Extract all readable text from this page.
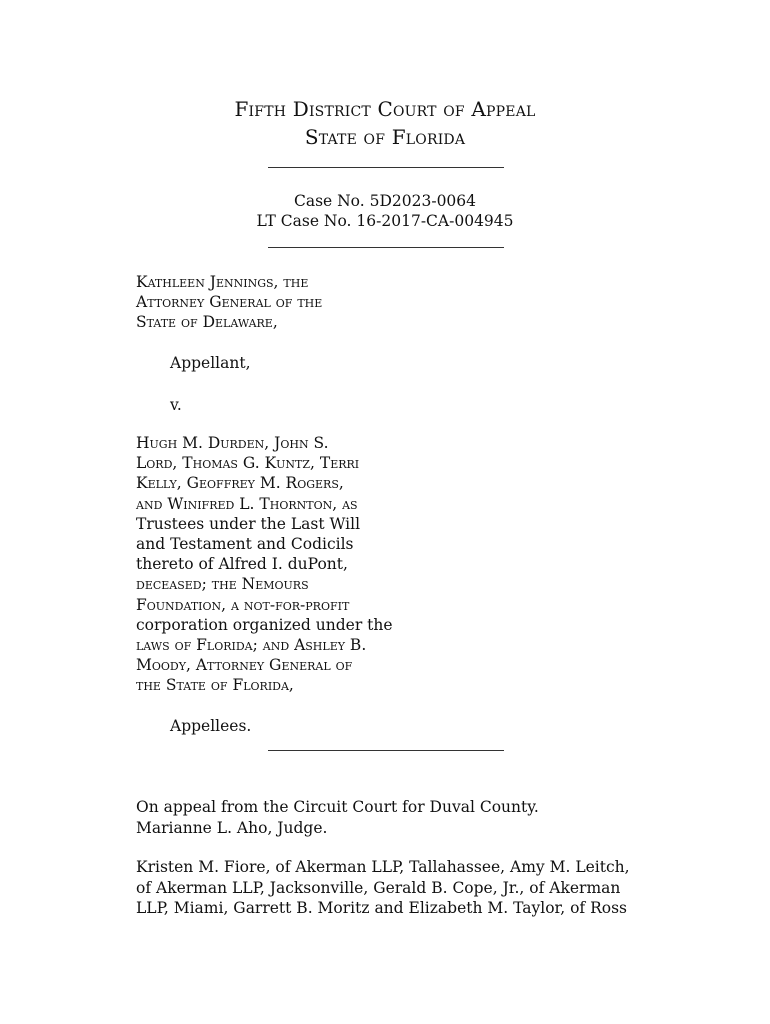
Fifth District Court of Appeal
State of Florida
Case No. 5D2023-0064
LT Case No. 16-2017-CA-004945
Kathleen Jennings, the
Attorney General of the
State of Delaware,
Appellant,
v.
Hugh M. Durden, John S.
Lord, Thomas G. Kuntz, Terri
Kelly, Geoffrey M. Rogers,
and Winifred L. Thornton, as
Trustees under the Last Will
and Testament and Codicils
thereto of Alfred I. duPont,
deceased; the Nemours
Foundation, a not-for-profit
corporation organized under the
laws of Florida; and Ashley B.
Moody, Attorney General of
the State of Florida,
Appellees.
On appeal from the Circuit Court for Duval County.
Marianne L. Aho, Judge.
Kristen M. Fiore, of Akerman LLP, Tallahassee, Amy M. Leitch,
of Akerman LLP, Jacksonville, Gerald B. Cope, Jr., of Akerman
LLP, Miami, Garrett B. Moritz and Elizabeth M. Taylor, of Ross
